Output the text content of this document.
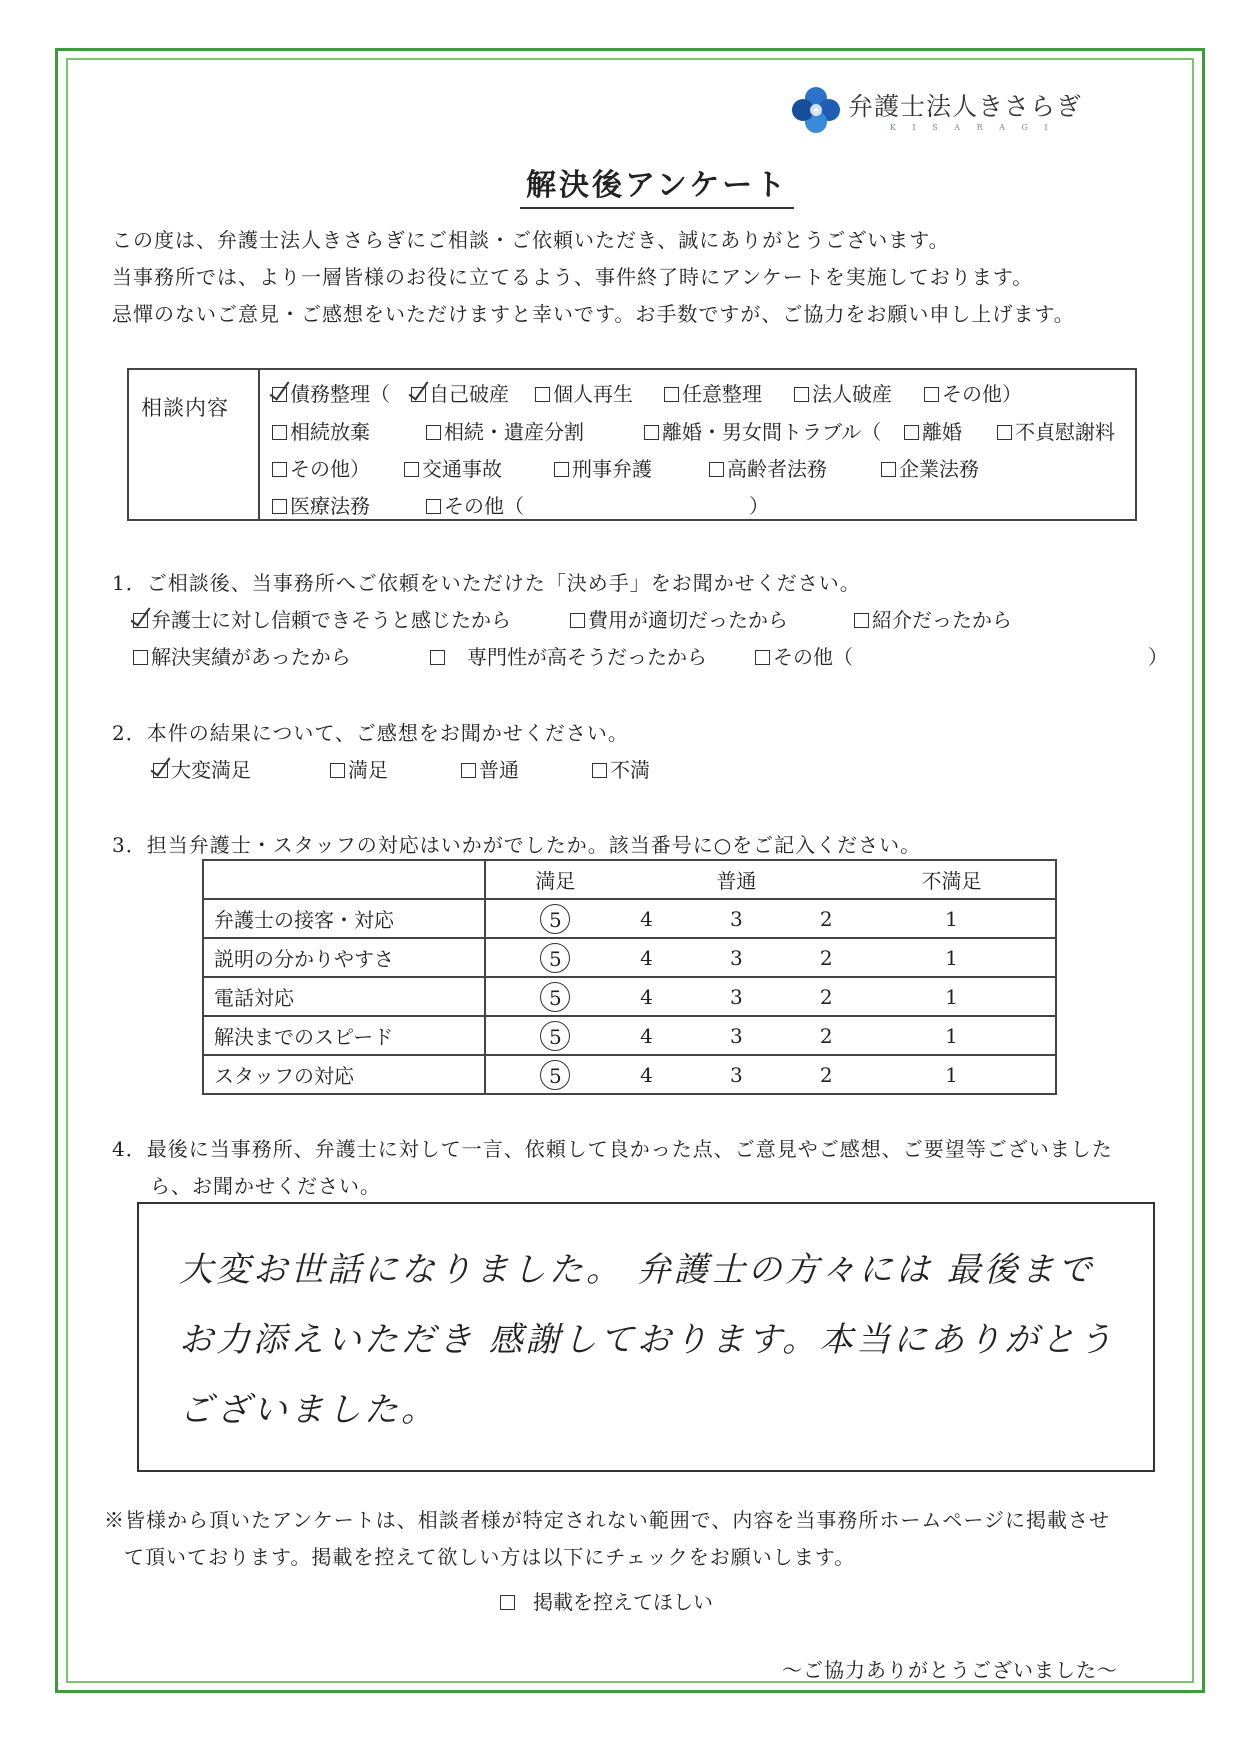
弁護士法人きさらぎ
K I S A R A G I
解決後アンケート
この度は、弁護士法人きさらぎにご相談・ご依頼いただき、誠にありがとうございます。
当事務所では、より一層皆様のお役に立てるよう、事件終了時にアンケートを実施しております。
忌憚のないご意見・ご感想をいただけますと幸いです。お手数ですが、ご協力をお願い申し上げます。
相談内容
債務整理（	自己破産	個人再生	任意整理	法人破産	その他）
相続放棄	相続・遺産分割	離婚・男女間トラブル（	離婚	不貞慰謝料
その他）	交通事故	刑事弁護	高齢者法務	企業法務
医療法務	その他（	）
1．ご相談後、当事務所へご依頼をいただけた「決め手」をお聞かせください。
弁護士に対し信頼できそうと感じたから	費用が適切だったから	紹介だったから
解決実績があったから	専門性が高そうだったから	その他（	）
2．本件の結果について、ご感想をお聞かせください。
大変満足	満足	普通	不満
3．担当弁護士・スタッフの対応はいかがでしたか。該当番号に○をご記入ください。
	満足		普通		不満足
弁護士の接客・対応	5	4	3	2	1
説明の分かりやすさ	5	4	3	2	1
電話対応	5	4	3	2	1
解決までのスピード	5	4	3	2	1
スタッフの対応	5	4	3	2	1
4．最後に当事務所、弁護士に対して一言、依頼して良かった点、ご意見やご感想、ご要望等ございました
ら、お聞かせください。
大変お世話になりました。 弁護士の方々には 最後まで
お力添えいただき 感謝しております。本当にありがとう
ございました。
※皆様から頂いたアンケートは、相談者様が特定されない範囲で、内容を当事務所ホームページに掲載させ
て頂いております。掲載を控えて欲しい方は以下にチェックをお願いします。
掲載を控えてほしい
～ご協力ありがとうございました～
